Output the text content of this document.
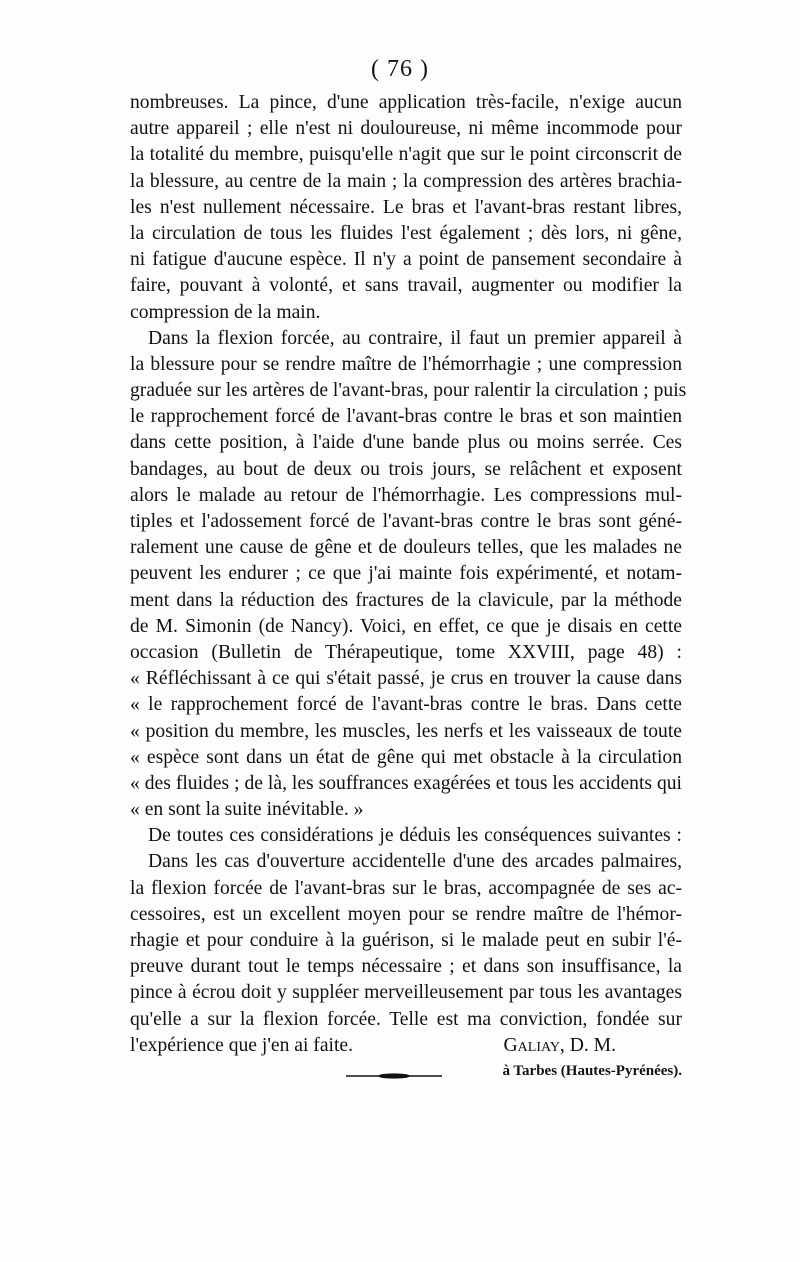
( 76 )
nombreuses. La pince, d'une application très-facile, n'exige aucun
autre appareil ; elle n'est ni douloureuse, ni même incommode pour
la totalité du membre, puisqu'elle n'agit que sur le point circonscrit de
la blessure, au centre de la main ; la compression des artères brachia-
les n'est nullement nécessaire. Le bras et l'avant-bras restant libres,
la circulation de tous les fluides l'est également ; dès lors, ni gêne,
ni fatigue d'aucune espèce. Il n'y a point de pansement secondaire à
faire, pouvant à volonté, et sans travail, augmenter ou modifier la
compression de la main.
Dans la flexion forcée, au contraire, il faut un premier appareil à
la blessure pour se rendre maître de l'hémorrhagie ; une compression
graduée sur les artères de l'avant-bras, pour ralentir la circulation ; puis
le rapprochement forcé de l'avant-bras contre le bras et son maintien
dans cette position, à l'aide d'une bande plus ou moins serrée. Ces
bandages, au bout de deux ou trois jours, se relâchent et exposent
alors le malade au retour de l'hémorrhagie. Les compressions mul-
tiples et l'adossement forcé de l'avant-bras contre le bras sont géné-
ralement une cause de gêne et de douleurs telles, que les malades ne
peuvent les endurer ; ce que j'ai mainte fois expérimenté, et notam-
ment dans la réduction des fractures de la clavicule, par la méthode
de M. Simonin (de Nancy). Voici, en effet, ce que je disais en cette
occasion (Bulletin de Thérapeutique, tome XXVIII, page 48) :
« Réfléchissant à ce qui s'était passé, je crus en trouver la cause dans
« le rapprochement forcé de l'avant-bras contre le bras. Dans cette
« position du membre, les muscles, les nerfs et les vaisseaux de toute
« espèce sont dans un état de gêne qui met obstacle à la circulation
« des fluides ; de là, les souffrances exagérées et tous les accidents qui
« en sont la suite inévitable. »
De toutes ces considérations je déduis les conséquences suivantes :
Dans les cas d'ouverture accidentelle d'une des arcades palmaires,
la flexion forcée de l'avant-bras sur le bras, accompagnée de ses ac-
cessoires, est un excellent moyen pour se rendre maître de l'hémor-
rhagie et pour conduire à la guérison, si le malade peut en subir l'é-
preuve durant tout le temps nécessaire ; et dans son insuffisance, la
pince à écrou doit y suppléer merveilleusement par tous les avantages
qu'elle a sur la flexion forcée. Telle est ma conviction, fondée sur
l'expérience que j'en ai faite.	Galiay, D. M.
à Tarbes (Hautes-Pyrénées).
